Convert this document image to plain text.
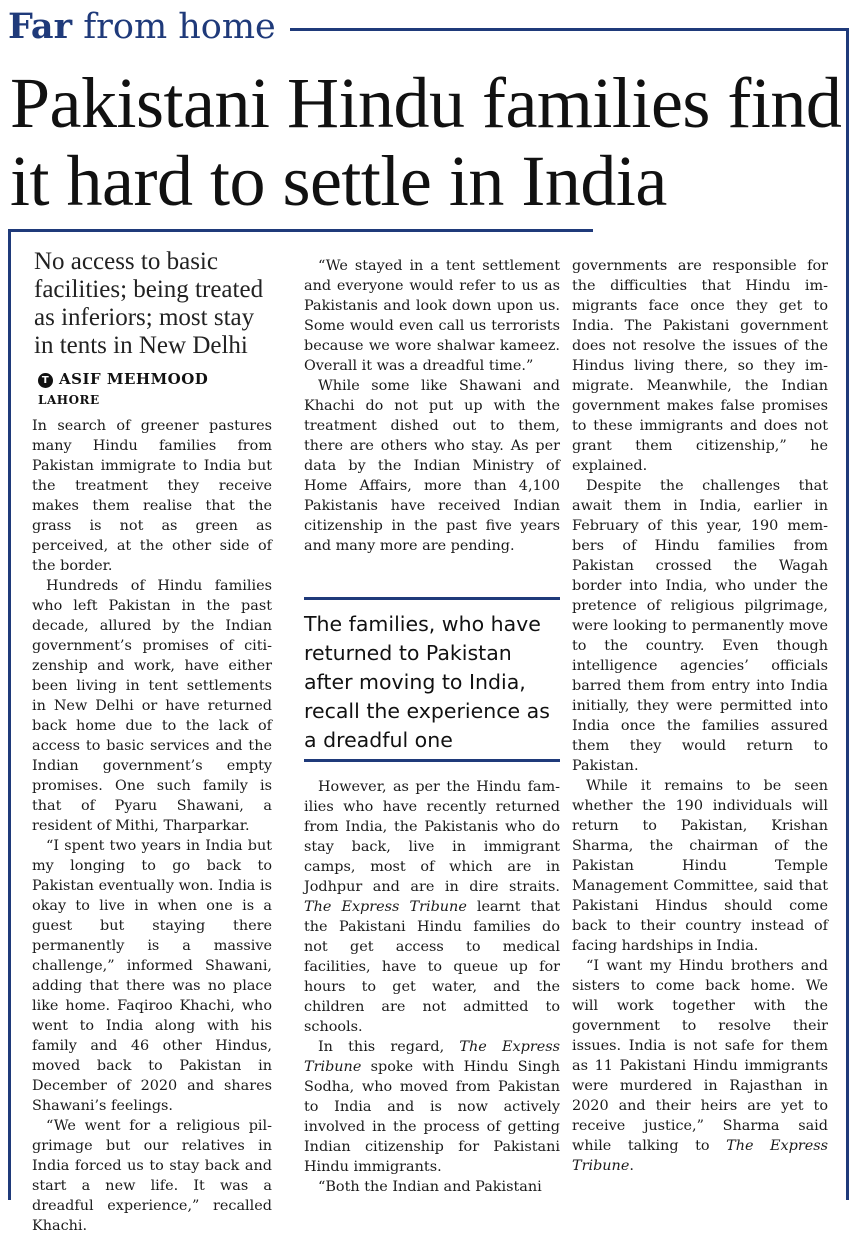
Far from home
Pakistani Hindu families find it hard to settle in India
No access to basic facilities; being treated as inferiors; most stay in tents in New Delhi
T ASIF MEHMOOD
LAHORE

In search of greener pastures many Hindu families from Pakistan immigrate to India but the treatment they receive makes them realise that the grass is not as green as perceived, at the other side of the border.

Hundreds of Hindu families who left Pakistan in the past decade, allured by the Indian government’s promises of citizenship and work, have either been living in tent settlements in New Delhi or have returned back home due to the lack of access to basic services and the Indian government’s empty promises. One such family is that of Pyaru Shawani, a resident of Mithi, Tharparkar.

“I spent two years in India but my longing to go back to Pakistan eventually won. India is okay to live in when one is a guest but staying there permanently is a massive challenge,” informed Shawani, adding that there was no place like home. Faqiroo Khachi, who went to India along with his family and 46 other Hindus, moved back to Pakistan in December of 2020 and shares Shawani’s feelings.

“We went for a religious pilgrimage but our relatives in India forced us to stay back and start a new life. It was a dreadful experience,” recalled Khachi.

“We stayed in a tent settlement and everyone would refer to us as Pakistanis and look down upon us. Some would even call us terrorists because we wore shalwar kameez. Overall it was a dreadful time.”

While some like Shawani and Khachi do not put up with the treatment dished out to them, there are others who stay. As per data by the Indian Ministry of Home Affairs, more than 4,100 Pakistanis have received Indian citizenship in the past five years and many more are pending.

The families, who have returned to Pakistan after moving to India, recall the experience as a dreadful one

However, as per the Hindu families who have recently returned from India, the Pakistanis who do stay back, live in immigrant camps, most of which are in Jodhpur and are in dire straits. The Express Tribune learnt that the Pakistani Hindu families do not get access to medical facilities, have to queue up for hours to get water, and the children are not admitted to schools.

In this regard, The Express Tribune spoke with Hindu Singh Sodha, who moved from Pakistan to India and is now actively involved in the process of getting Indian citizenship for Pakistani Hindu immigrants.

“Both the Indian and Pakistani

governments are responsible for the difficulties that Hindu immigrants face once they get to India. The Pakistani government does not resolve the issues of the Hindus living there, so they immigrate. Meanwhile, the Indian government makes false promises to these immigrants and does not grant them citizenship,” he explained.

Despite the challenges that await them in India, earlier in February of this year, 190 members of Hindu families from Pakistan crossed the Wagah border into India, who under the pretence of religious pilgrimage, were looking to permanently move to the country. Even though intelligence agencies’ officials barred them from entry into India initially, they were permitted into India once the families assured them they would return to Pakistan.

While it remains to be seen whether the 190 individuals will return to Pakistan, Krishan Sharma, the chairman of the Pakistan Hindu Temple Management Committee, said that Pakistani Hindus should come back to their country instead of facing hardships in India.

“I want my Hindu brothers and sisters to come back home. We will work together with the government to resolve their issues. India is not safe for them as 11 Pakistani Hindu immigrants were murdered in Rajasthan in 2020 and their heirs are yet to receive justice,” Sharma said while talking to The Express Tribune.
